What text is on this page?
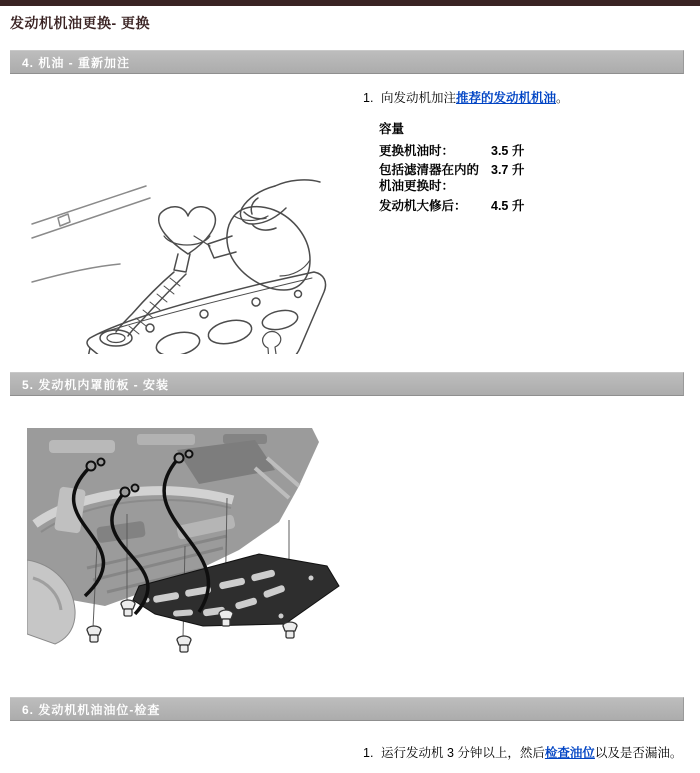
发动机机油更换- 更换
4. 机油 - 重新加注
1. 向发动机加注推荐的发动机机油。
容量
更换机油时：	3.5 升
包括滤清器在内的机油更换时：
3.7 升
发动机大修后：	4.5 升
5. 发动机内罩前板 - 安装
6. 发动机机油油位-检查
1. 运行发动机 3 分钟以上，然后检查油位以及是否漏油。
